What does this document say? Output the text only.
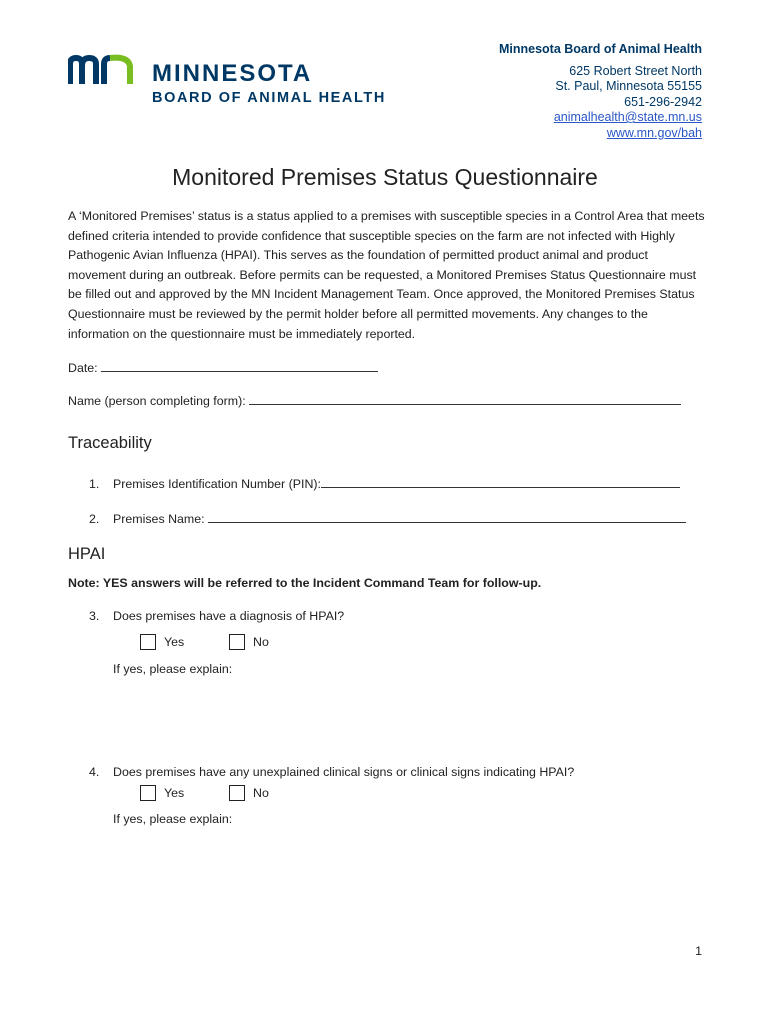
MINNESOTA
BOARD OF ANIMAL HEALTH
Minnesota Board of Animal Health
625 Robert Street North
St. Paul, Minnesota 55155
651-296-2942
animalhealth@state.mn.us
www.mn.gov/bah
Monitored Premises Status Questionnaire
A ‘Monitored Premises’ status is a status applied to a premises with susceptible species in a Control Area that meets defined criteria intended to provide confidence that susceptible species on the farm are not infected with Highly Pathogenic Avian Influenza (HPAI). This serves as the foundation of permitted product animal and product movement during an outbreak. Before permits can be requested, a Monitored Premises Status Questionnaire must be filled out and approved by the MN Incident Management Team. Once approved, the Monitored Premises Status Questionnaire must be reviewed by the permit holder before all permitted movements. Any changes to the information on the questionnaire must be immediately reported.
Date:
Name (person completing form):
Traceability
1. Premises Identification Number (PIN):
2. Premises Name:
HPAI
Note: YES answers will be referred to the Incident Command Team for follow-up.
3. Does premises have a diagnosis of HPAI?
Yes	No
If yes, please explain:
4. Does premises have any unexplained clinical signs or clinical signs indicating HPAI?
Yes	No
If yes, please explain:
1
